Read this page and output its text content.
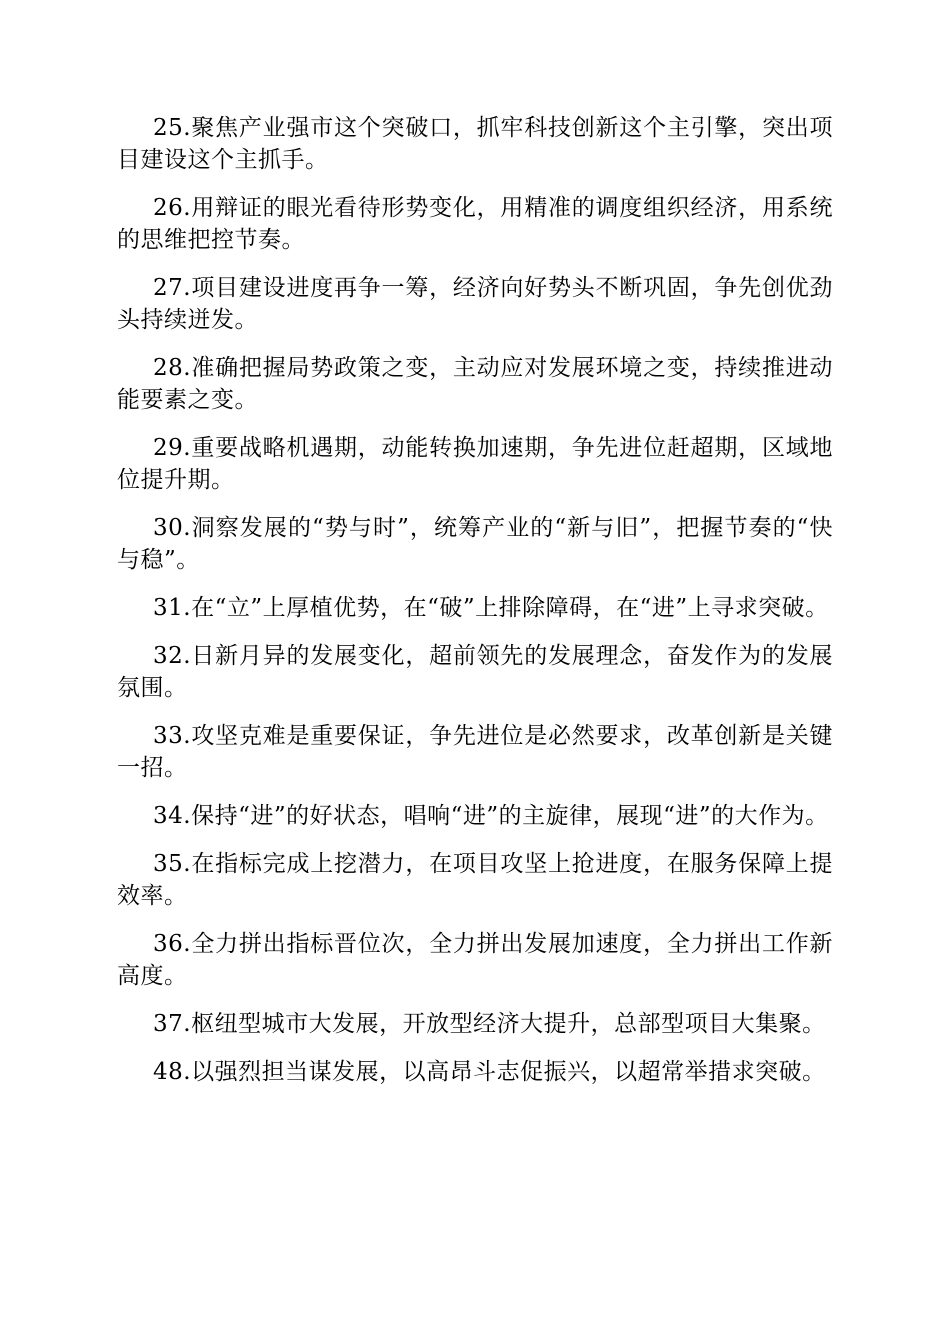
25.聚焦产业强市这个突破口，抓牢科技创新这个主引擎，突出项目建设这个主抓手。

26.用辩证的眼光看待形势变化，用精准的调度组织经济，用系统的思维把控节奏。

27.项目建设进度再争一筹，经济向好势头不断巩固，争先创优劲头持续迸发。

28.准确把握局势政策之变，主动应对发展环境之变，持续推进动能要素之变。

29.重要战略机遇期，动能转换加速期，争先进位赶超期，区域地位提升期。

30.洞察发展的“势与时”，统筹产业的“新与旧”，把握节奏的“快与稳”。

31.在“立”上厚植优势，在“破”上排除障碍，在“进”上寻求突破。

32.日新月异的发展变化，超前领先的发展理念，奋发作为的发展氛围。

33.攻坚克难是重要保证，争先进位是必然要求，改革创新是关键一招。

34.保持“进”的好状态，唱响“进”的主旋律，展现“进”的大作为。

35.在指标完成上挖潜力，在项目攻坚上抢进度，在服务保障上提效率。

36.全力拼出指标晋位次，全力拼出发展加速度，全力拼出工作新高度。

37.枢纽型城市大发展，开放型经济大提升，总部型项目大集聚。

48.以强烈担当谋发展，以高昂斗志促振兴，以超常举措求突破。
